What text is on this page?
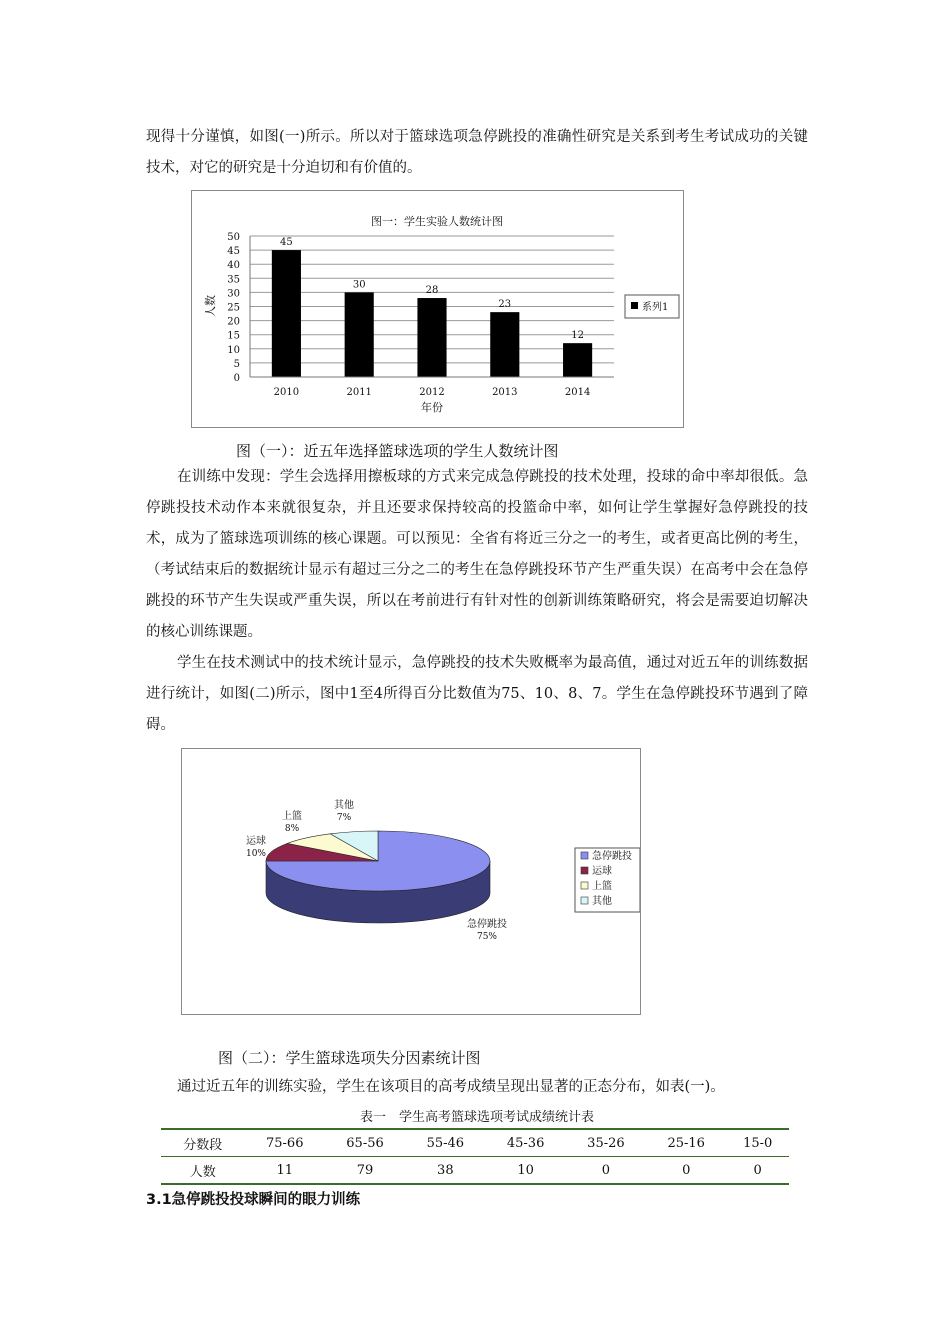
现得十分谨慎，如图(一)所示。所以对于篮球选项急停跳投的准确性研究是关系到考生考试成功的关键技术，对它的研究是十分迫切和有价值的。

图一：学生实验人数统计图
0
5
10
15
20
25
30
35
40
45
50	45
30
28
23
12
2010	2011	2012	2013	2014
人数
年份
系列1
图（一）：近五年选择篮球选项的学生人数统计图

在训练中发现：学生会选择用擦板球的方式来完成急停跳投的技术处理，投球的命中率却很低。急停跳投技术动作本来就很复杂，并且还要求保持较高的投篮命中率，如何让学生掌握好急停跳投的技术，成为了篮球选项训练的核心课题。可以预见：全省有将近三分之一的考生，或者更高比例的考生，（考试结束后的数据统计显示有超过三分之二的考生在急停跳投环节产生严重失误）在高考中会在急停跳投的环节产生失误或严重失误，所以在考前进行有针对性的创新训练策略研究，将会是需要迫切解决的核心训练课题。

学生在技术测试中的技术统计显示，急停跳投的技术失败概率为最高值，通过对近五年的训练数据进行统计，如图(二)所示，图中1至4所得百分比数值为75、10、8、7。学生在急停跳投环节遇到了障碍。

急停跳投
75%
运球
10%
上篮
8%
其他
7%
急停跳投
运球
上篮
其他
图（二）：学生篮球选项失分因素统计图

通过近五年的训练实验，学生在该项目的高考成绩呈现出显著的正态分布，如表(一)。

表一　学生高考篮球选项考试成绩统计表
分数段	75-66	65-56	55-46	45-36	35-26	25-16	15-0
人数	11	79	38	10	0	0	0
3.1急停跳投投球瞬间的眼力训练
